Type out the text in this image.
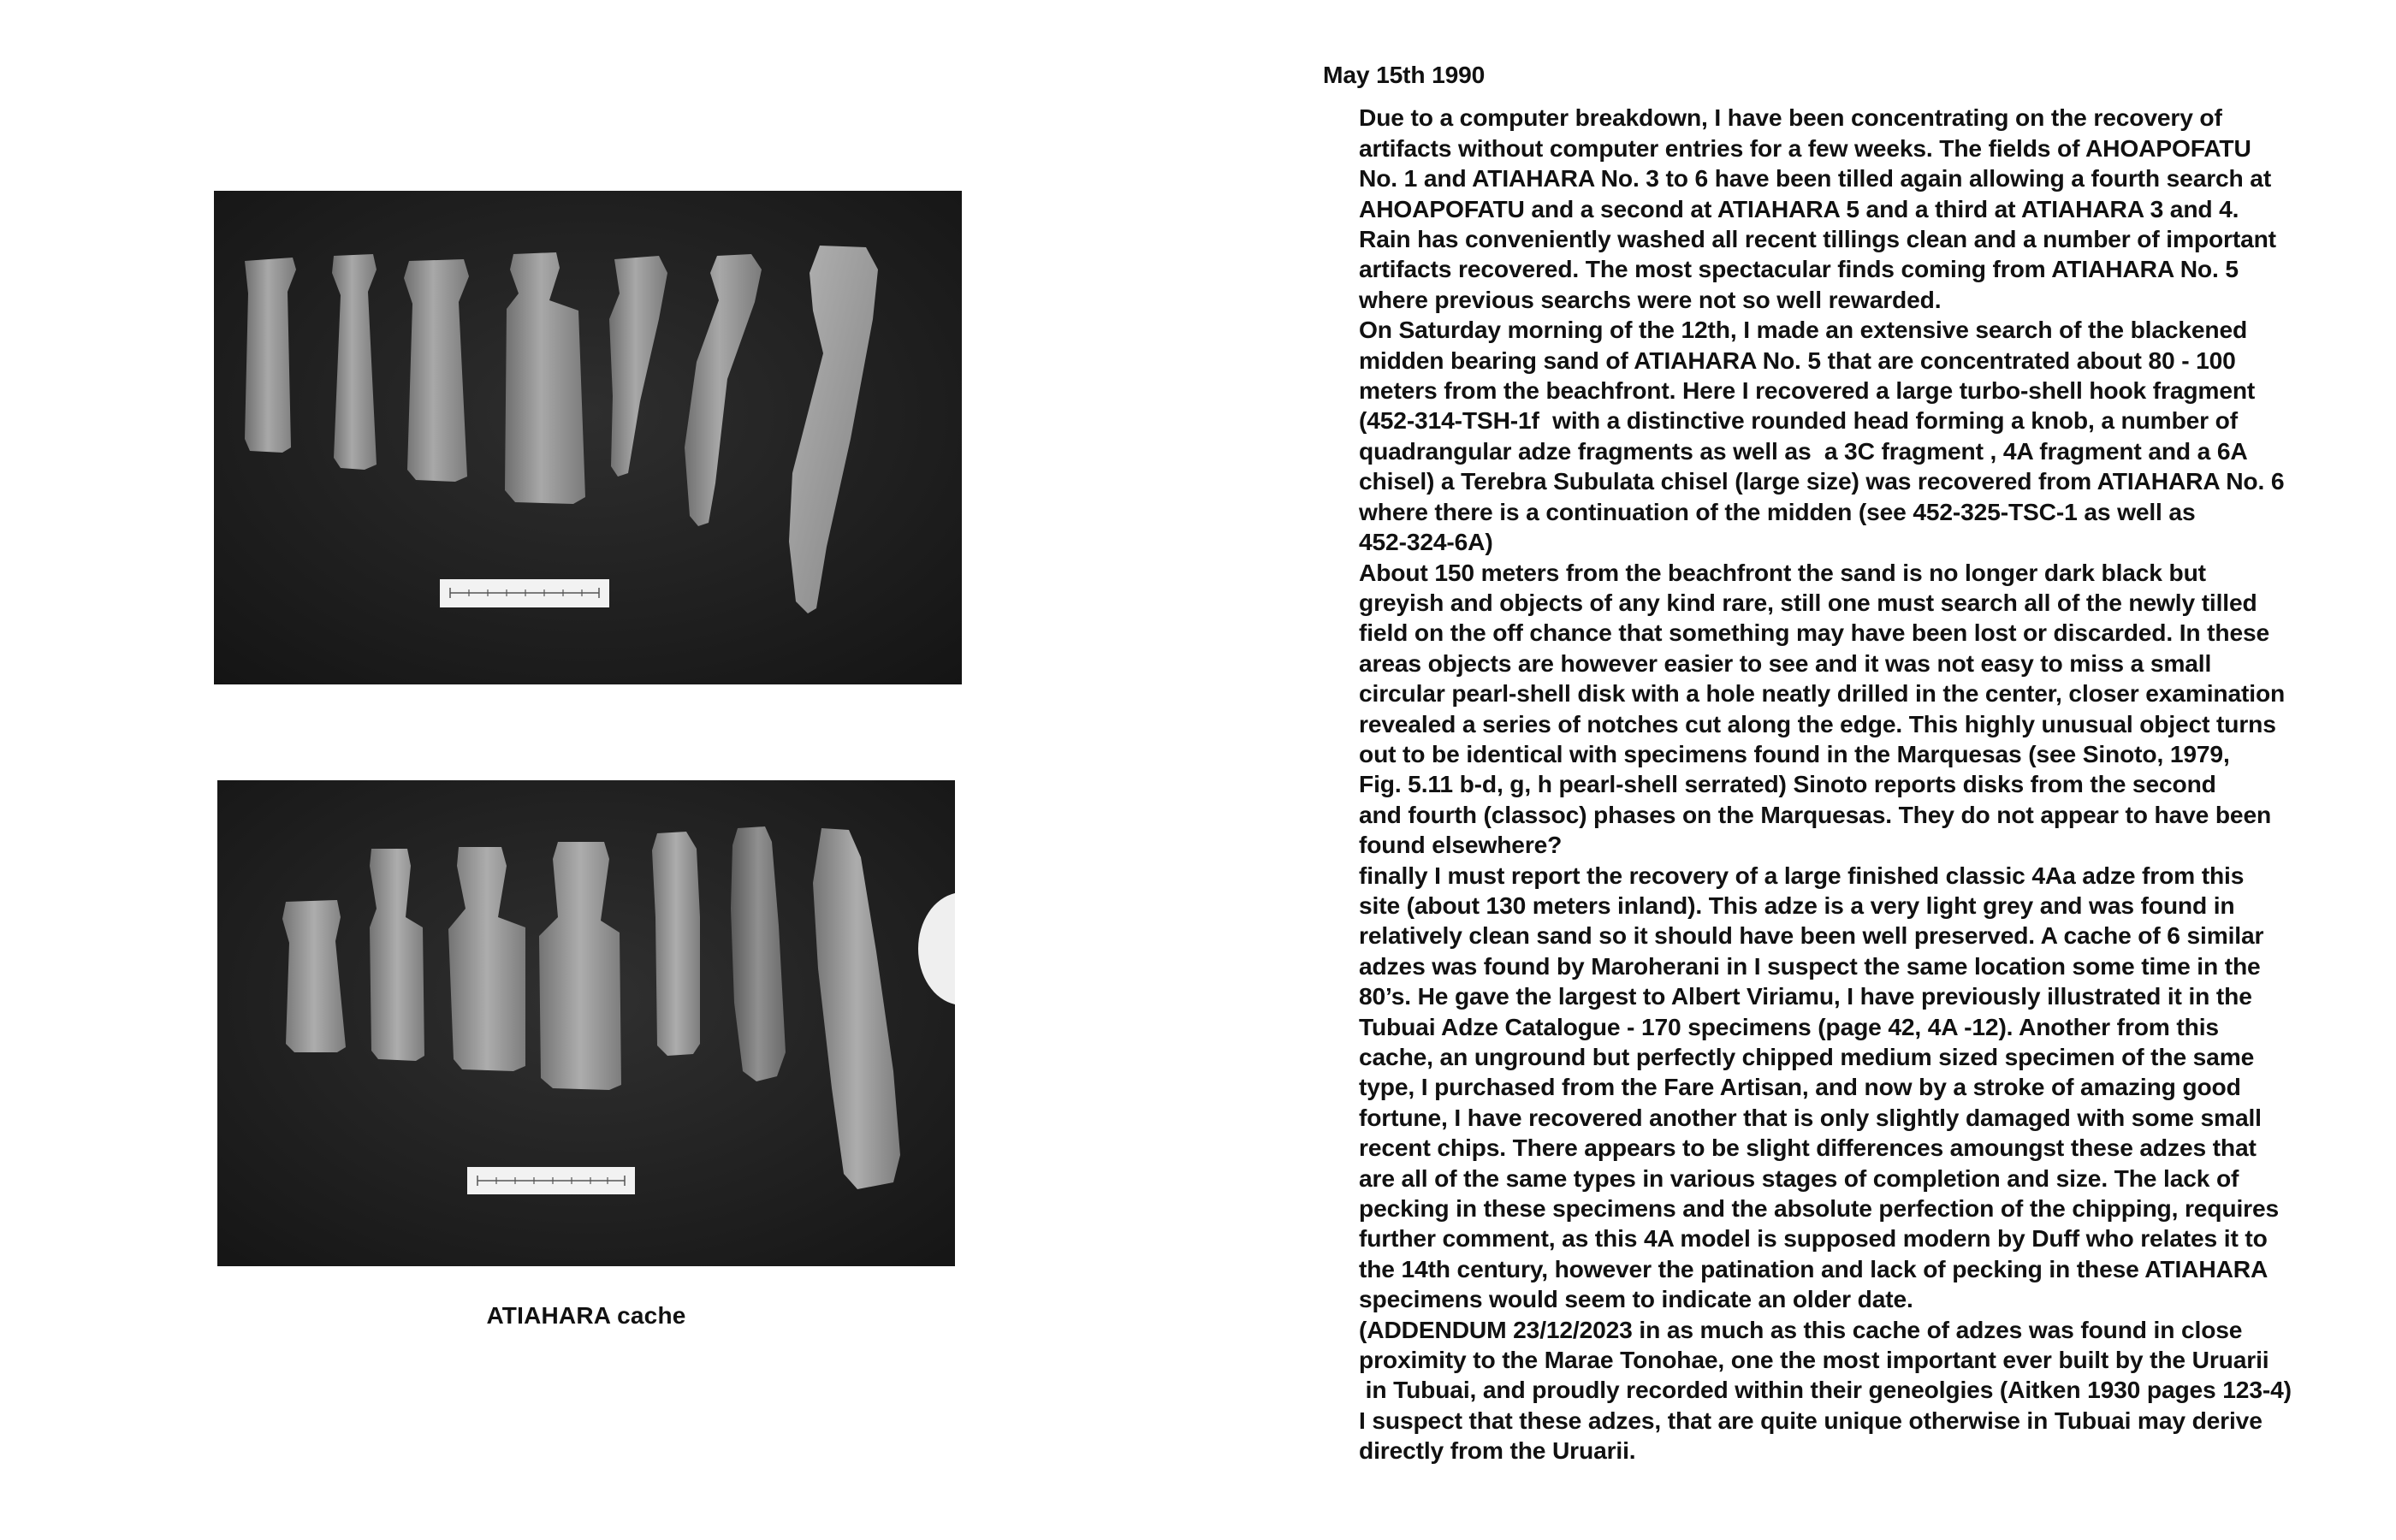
ATIAHARA cache
May 15th 1990

Due to a computer breakdown, I have been concentrating on the recovery of
artifacts without computer entries for a few weeks. The fields of AHOAPOFATU
No. 1 and ATIAHARA No. 3 to 6 have been tilled again allowing a fourth search at
AHOAPOFATU and a second at ATIAHARA 5 and a third at ATIAHARA 3 and 4.
Rain has conveniently washed all recent tillings clean and a number of important
artifacts recovered. The most spectacular finds coming from ATIAHARA No. 5
where previous searchs were not so well rewarded.

On Saturday morning of the 12th, I made an extensive search of the blackened
midden bearing sand of ATIAHARA No. 5 that are concentrated about 80 - 100
meters from the beachfront. Here I recovered a large turbo-shell hook fragment
(452-314-TSH-1f  with a distinctive rounded head forming a knob, a number of
quadrangular adze fragments as well as  a 3C fragment , 4A fragment and a 6A
chisel) a Terebra Subulata chisel (large size) was recovered from ATIAHARA No. 6
where there is a continuation of the midden (see 452-325-TSC-1 as well as
452-324-6A)

About 150 meters from the beachfront the sand is no longer dark black but
greyish and objects of any kind rare, still one must search all of the newly tilled
field on the off chance that something may have been lost or discarded. In these
areas objects are however easier to see and it was not easy to miss a small
circular pearl-shell disk with a hole neatly drilled in the center, closer examination
revealed a series of notches cut along the edge. This highly unusual object turns
out to be identical with specimens found in the Marquesas (see Sinoto, 1979,
Fig. 5.11 b-d, g, h pearl-shell serrated) Sinoto reports disks from the second
and fourth (classoc) phases on the Marquesas. They do not appear to have been
found elsewhere?

finally I must report the recovery of a large finished classic 4Aa adze from this
site (about 130 meters inland). This adze is a very light grey and was found in
relatively clean sand so it should have been well preserved. A cache of 6 similar
adzes was found by Maroherani in I suspect the same location some time in the
80’s. He gave the largest to Albert Viriamu, I have previously illustrated it in the
Tubuai Adze Catalogue - 170 specimens (page 42, 4A -12). Another from this
cache, an unground but perfectly chipped medium sized specimen of the same
type, I purchased from the Fare Artisan, and now by a stroke of amazing good
fortune, I have recovered another that is only slightly damaged with some small
recent chips. There appears to be slight differences amoungst these adzes that
are all of the same types in various stages of completion and size. The lack of
pecking in these specimens and the absolute perfection of the chipping, requires
further comment, as this 4A model is supposed modern by Duff who relates it to
the 14th century, however the patination and lack of pecking in these ATIAHARA
specimens would seem to indicate an older date.

(ADDENDUM 23/12/2023 in as much as this cache of adzes was found in close
proximity to the Marae Tonohae, one the most important ever built by the Uruarii
in Tubuai, and proudly recorded within their geneolgies (Aitken 1930 pages 123-4)
I suspect that these adzes, that are quite unique otherwise in Tubuai may derive
directly from the Uruarii.
